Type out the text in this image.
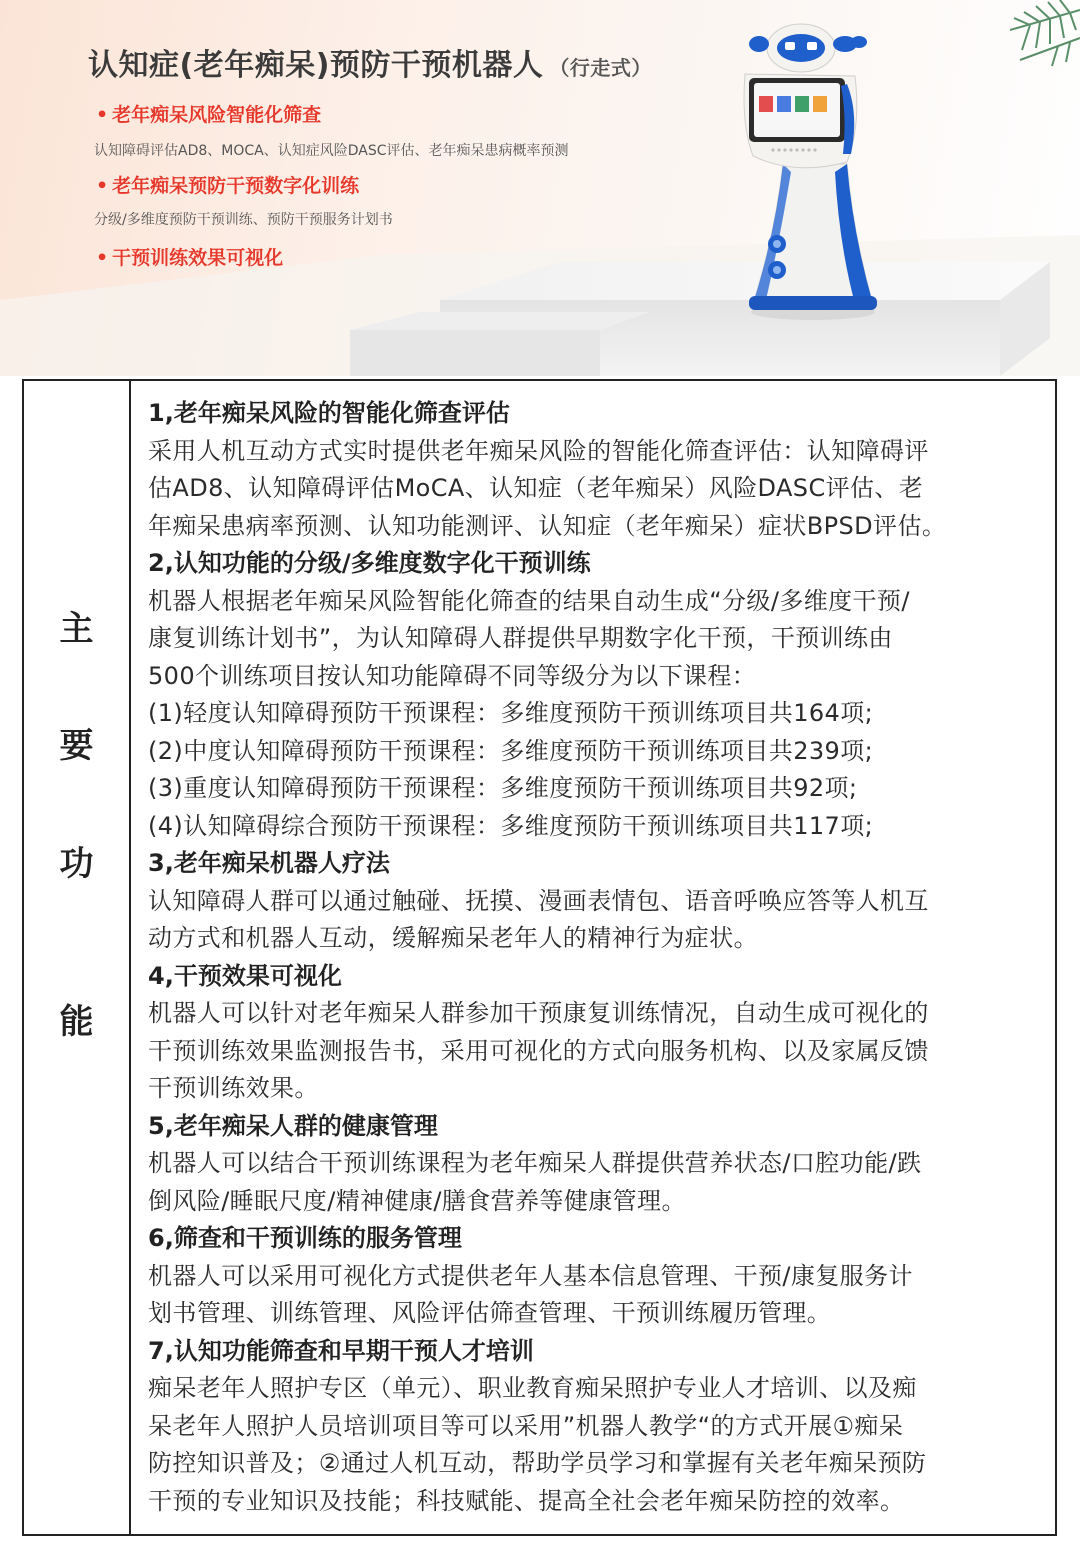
认知症(老年痴呆)预防干预机器人 （行走式）
• 老年痴呆风险智能化筛查
认知障碍评估AD8、MOCA、认知症风险DASC评估、老年痴呆患病概率预测
• 老年痴呆预防干预数字化训练
分级/多维度预防干预训练、预防干预服务计划书
• 干预训练效果可视化
主
要
功
能
1,老年痴呆风险的智能化筛查评估
采用人机互动方式实时提供老年痴呆风险的智能化筛查评估：认知障碍评
估AD8、认知障碍评估MoCA、认知症（老年痴呆）风险DASC评估、老
年痴呆患病率预测、认知功能测评、认知症（老年痴呆）症状BPSD评估。
2,认知功能的分级/多维度数字化干预训练
机器人根据老年痴呆风险智能化筛查的结果自动生成“分级/多维度干预/
康复训练计划书”，为认知障碍人群提供早期数字化干预，干预训练由
500个训练项目按认知功能障碍不同等级分为以下课程：
(1)轻度认知障碍预防干预课程：多维度预防干预训练项目共164项;
(2)中度认知障碍预防干预课程：多维度预防干预训练项目共239项;
(3)重度认知障碍预防干预课程：多维度预防干预训练项目共92项;
(4)认知障碍综合预防干预课程：多维度预防干预训练项目共117项;
3,老年痴呆机器人疗法
认知障碍人群可以通过触碰、抚摸、漫画表情包、语音呼唤应答等人机互
动方式和机器人互动，缓解痴呆老年人的精神行为症状。
4,干预效果可视化
机器人可以针对老年痴呆人群参加干预康复训练情况，自动生成可视化的
干预训练效果监测报告书，采用可视化的方式向服务机构、以及家属反馈
干预训练效果。
5,老年痴呆人群的健康管理
机器人可以结合干预训练课程为老年痴呆人群提供营养状态/口腔功能/跌
倒风险/睡眠尺度/精神健康/膳食营养等健康管理。
6,筛查和干预训练的服务管理
机器人可以采用可视化方式提供老年人基本信息管理、干预/康复服务计
划书管理、训练管理、风险评估筛查管理、干预训练履历管理。
7,认知功能筛查和早期干预人才培训
痴呆老年人照护专区（单元）、职业教育痴呆照护专业人才培训、以及痴
呆老年人照护人员培训项目等可以采用”机器人教学“的方式开展①痴呆
防控知识普及；②通过人机互动，帮助学员学习和掌握有关老年痴呆预防
干预的专业知识及技能；科技赋能、提高全社会老年痴呆防控的效率。
